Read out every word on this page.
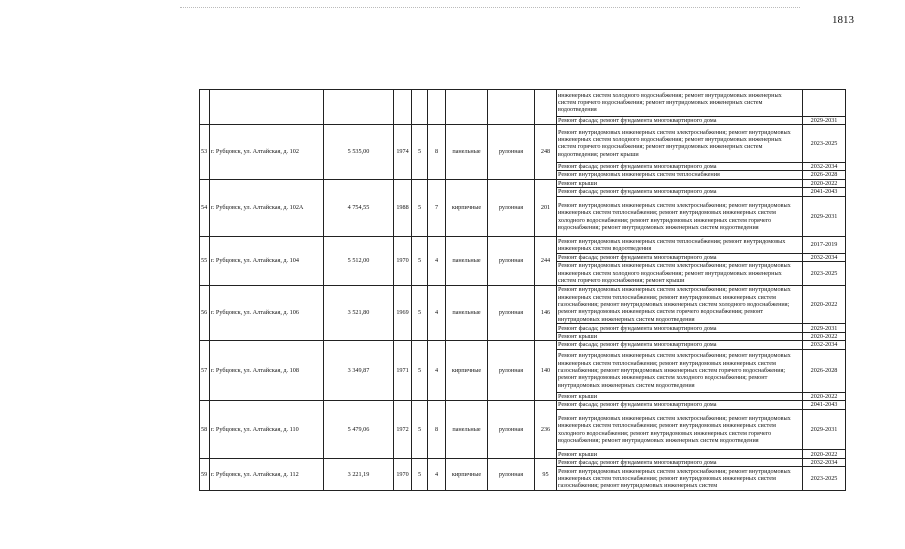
1813
									инженерных систем холодного водоснабжения; ремонт внутридомовых инженерных систем горячего водоснабжения; ремонт внутридомовых инженерных систем водоотведения	
									Ремонт фасада; ремонт фундамента многоквартирного дома	2029-2031
53	г. Рубцовск, ул. Алтайская, д. 102	5 535,00	1974	5	8	панельные	рулонная	248	Ремонт внутридомовых инженерных систем электроснабжения; ремонт внутридомовых инженерных систем холодного водоснабжения; ремонт внутридомовых инженерных систем горячего водоснабжения; ремонт внутридомовых инженерных систем водоотведения; ремонт крыши	2023-2025
									Ремонт фасада; ремонт фундамента многоквартирного дома	2032-2034
									Ремонт внутридомовых инженерных систем теплоснабжения	2026-2028
54	г. Рубцовск, ул. Алтайская, д. 102А	4 754,55	1988	5	7	кирпичные	рулонная	201	Ремонт крыши	2020-2022
									Ремонт фасада; ремонт фундамента многоквартирного дома	2041-2043
									Ремонт внутридомовых инженерных систем электроснабжения; ремонт внутридомовых инженерных систем теплоснабжения; ремонт внутридомовых инженерных систем холодного водоснабжения; ремонт внутридомовых инженерных систем горячего водоснабжения; ремонт внутридомовых инженерных систем водоотведения	2029-2031
55	г. Рубцовск, ул. Алтайская, д. 104	5 512,00	1970	5	4	панельные	рулонная	244	Ремонт внутридомовых инженерных систем теплоснабжения; ремонт внутридомовых инженерных систем водоотведения	2017-2019
									Ремонт фасада; ремонт фундамента многоквартирного дома	2032-2034
									Ремонт внутридомовых инженерных систем электроснабжения; ремонт внутридомовых инженерных систем холодного водоснабжения; ремонт внутридомовых инженерных систем горячего водоснабжения; ремонт крыши	2023-2025
56	г. Рубцовск, ул. Алтайская, д. 106	3 521,80	1969	5	4	панельные	рулонная	146	Ремонт внутридомовых инженерных систем электроснабжения; ремонт внутридомовых инженерных систем теплоснабжения; ремонт внутридомовых инженерных систем газоснабжения; ремонт внутридомовых инженерных систем холодного водоснабжения; ремонт внутридомовых инженерных систем горячего водоснабжения; ремонт внутридомовых инженерных систем водоотведения	2020-2022
									Ремонт фасада; ремонт фундамента многоквартирного дома	2029-2031
									Ремонт крыши	2020-2022
57	г. Рубцовск, ул. Алтайская, д. 108	3 349,87	1971	5	4	кирпичные	рулонная	140	Ремонт фасада; ремонт фундамента многоквартирного дома	2032-2034
									Ремонт внутридомовых инженерных систем электроснабжения; ремонт внутридомовых инженерных систем теплоснабжения; ремонт внутридомовых инженерных систем газоснабжения; ремонт внутридомовых инженерных систем горячего водоснабжения; ремонт внутридомовых инженерных систем холодного водоснабжения; ремонт внутридомовых инженерных систем водоотведения	2026-2028
									Ремонт крыши	2020-2022
58	г. Рубцовск, ул. Алтайская, д. 110	5 479,06	1972	5	8	панельные	рулонная	236	Ремонт фасада; ремонт фундамента многоквартирного дома	2041-2043
									Ремонт внутридомовых инженерных систем электроснабжения; ремонт внутридомовых инженерных систем теплоснабжения; ремонт внутридомовых инженерных систем холодного водоснабжения; ремонт внутридомовых инженерных систем горячего водоснабжения; ремонт внутридомовых инженерных систем водоотведения	2029-2031
									Ремонт крыши	2020-2022
59	г. Рубцовск, ул. Алтайская, д. 112	3 221,19	1970	5	4	кирпичные	рулонная	95	Ремонт фасада; ремонт фундамента многоквартирного дома	2032-2034
									Ремонт внутридомовых инженерных систем электроснабжения; ремонт внутридомовых инженерных систем теплоснабжения; ремонт внутридомовых инженерных систем газоснабжения; ремонт внутридомовых инженерных систем	2023-2025
